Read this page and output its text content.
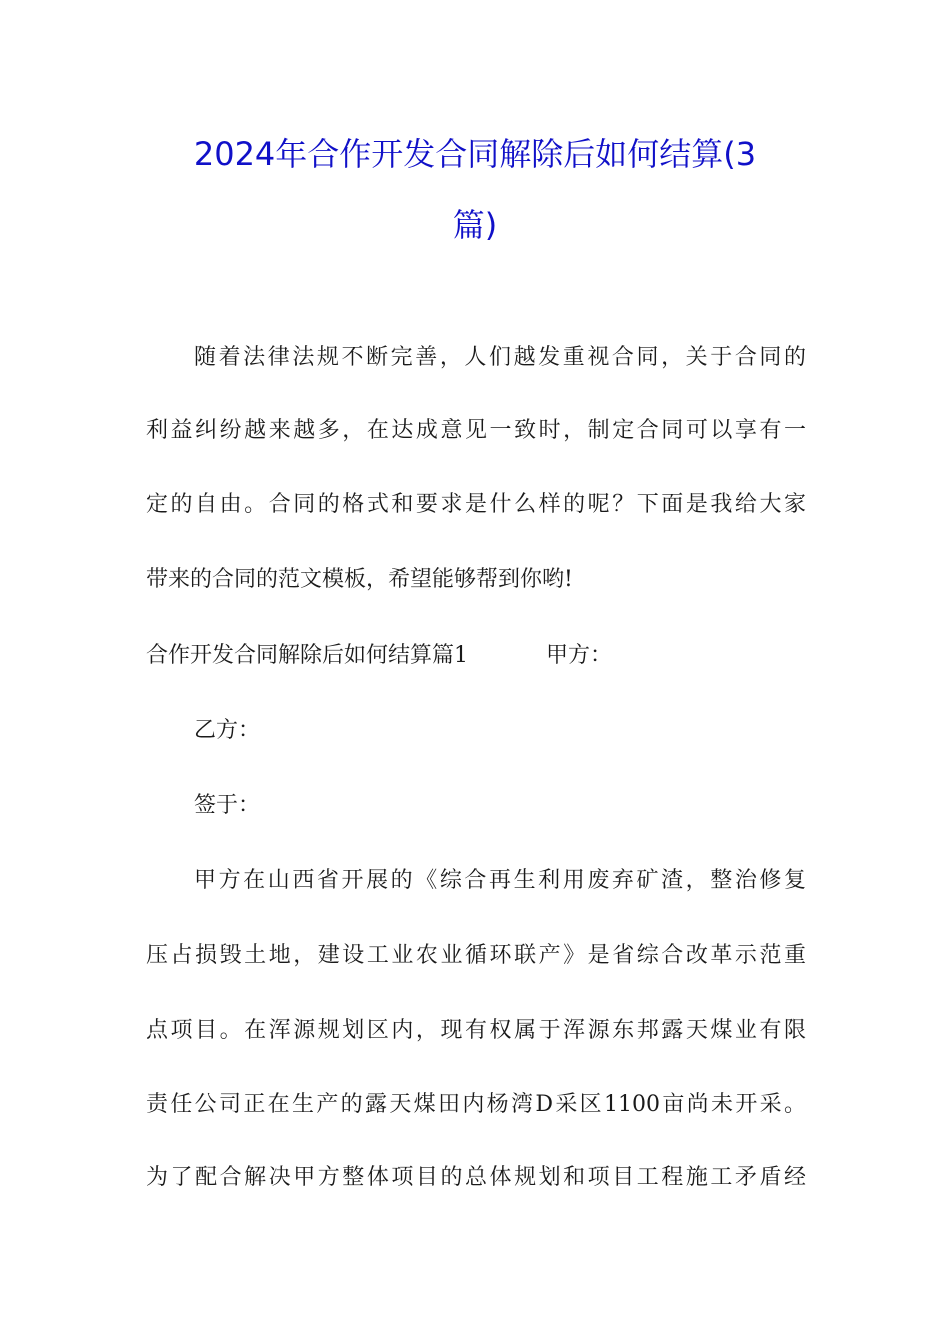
2024年合作开发合同解除后如何结算(3
篇)
随着法律法规不断完善，人们越发重视合同，关于合同的
利益纠纷越来越多，在达成意见一致时，制定合同可以享有一
定的自由。合同的格式和要求是什么样的呢？下面是我给大家
带来的合同的范文模板，希望能够帮到你哟!
合作开发合同解除后如何结算篇1	甲方：
乙方：
签于：
甲方在山西省开展的《综合再生利用废弃矿渣，整治修复
压占损毁土地，建设工业农业循环联产》是省综合改革示范重
点项目。在浑源规划区内，现有权属于浑源东邦露天煤业有限
责任公司正在生产的露天煤田内杨湾D采区1100亩尚未开采。
为了配合解决甲方整体项目的总体规划和项目工程施工矛盾经
